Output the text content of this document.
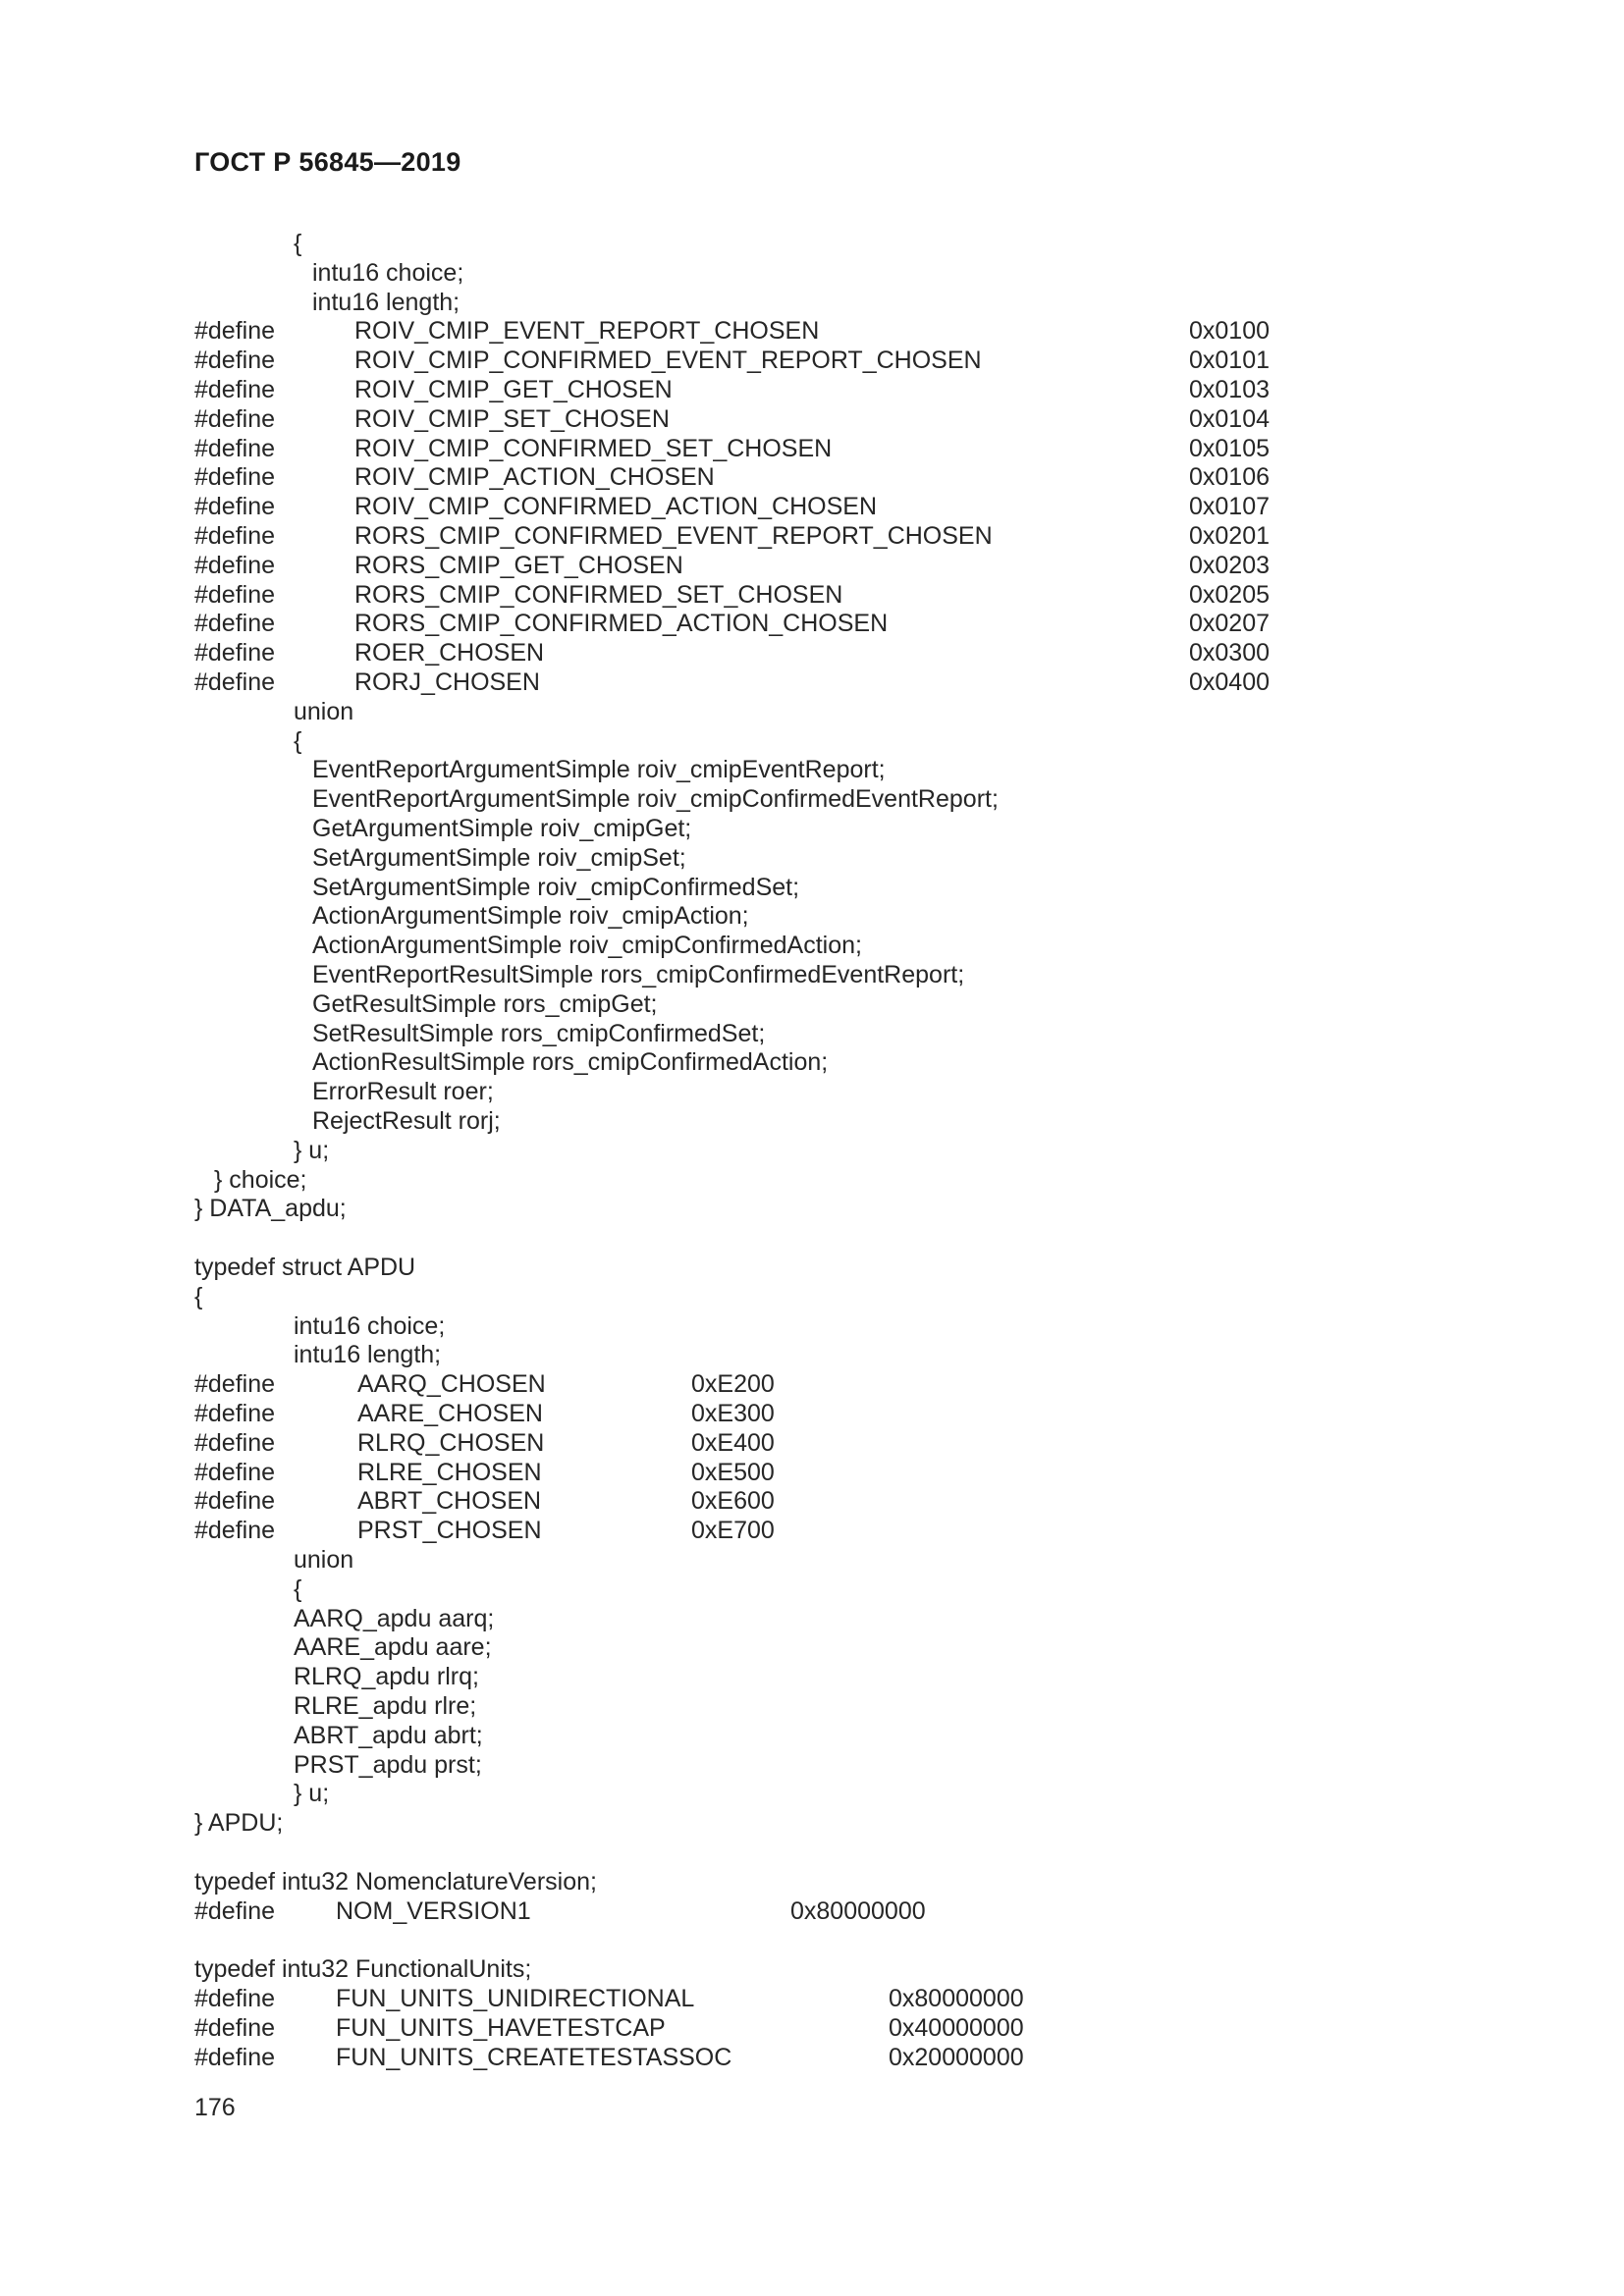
ГОСТ Р 56845—2019
{
intu16 choice;
intu16 length;
#define	ROIV_CMIP_EVENT_REPORT_CHOSEN	0x0100
#define	ROIV_CMIP_CONFIRMED_EVENT_REPORT_CHOSEN	0x0101
#define	ROIV_CMIP_GET_CHOSEN	0x0103
#define	ROIV_CMIP_SET_CHOSEN	0x0104
#define	ROIV_CMIP_CONFIRMED_SET_CHOSEN	0x0105
#define	ROIV_CMIP_ACTION_CHOSEN	0x0106
#define	ROIV_CMIP_CONFIRMED_ACTION_CHOSEN	0x0107
#define	RORS_CMIP_CONFIRMED_EVENT_REPORT_CHOSEN	0x0201
#define	RORS_CMIP_GET_CHOSEN	0x0203
#define	RORS_CMIP_CONFIRMED_SET_CHOSEN	0x0205
#define	RORS_CMIP_CONFIRMED_ACTION_CHOSEN	0x0207
#define	ROER_CHOSEN	0x0300
#define	RORJ_CHOSEN	0x0400
union
{
EventReportArgumentSimple roiv_cmipEventReport;
EventReportArgumentSimple roiv_cmipConfirmedEventReport;
GetArgumentSimple roiv_cmipGet;
SetArgumentSimple roiv_cmipSet;
SetArgumentSimple roiv_cmipConfirmedSet;
ActionArgumentSimple roiv_cmipAction;
ActionArgumentSimple roiv_cmipConfirmedAction;
EventReportResultSimple rors_cmipConfirmedEventReport;
GetResultSimple rors_cmipGet;
SetResultSimple rors_cmipConfirmedSet;
ActionResultSimple rors_cmipConfirmedAction;
ErrorResult roer;
RejectResult rorj;
} u;
} choice;
} DATA_apdu;
typedef struct APDU
{
intu16 choice;
intu16 length;
#define	AARQ_CHOSEN	0xE200
#define	AARE_CHOSEN	0xE300
#define	RLRQ_CHOSEN	0xE400
#define	RLRE_CHOSEN	0xE500
#define	ABRT_CHOSEN	0xE600
#define	PRST_CHOSEN	0xE700
union
{
AARQ_apdu aarq;
AARE_apdu aare;
RLRQ_apdu rlrq;
RLRE_apdu rlre;
ABRT_apdu abrt;
PRST_apdu prst;
} u;
} APDU;
typedef intu32 NomenclatureVersion;
#define NOM_VERSION1	0x80000000
typedef intu32 FunctionalUnits;
#define FUN_UNITS_UNIDIRECTIONAL	0x80000000
#define FUN_UNITS_HAVETESTCAP	0x40000000
#define FUN_UNITS_CREATETESTASSOC	0x20000000
176
